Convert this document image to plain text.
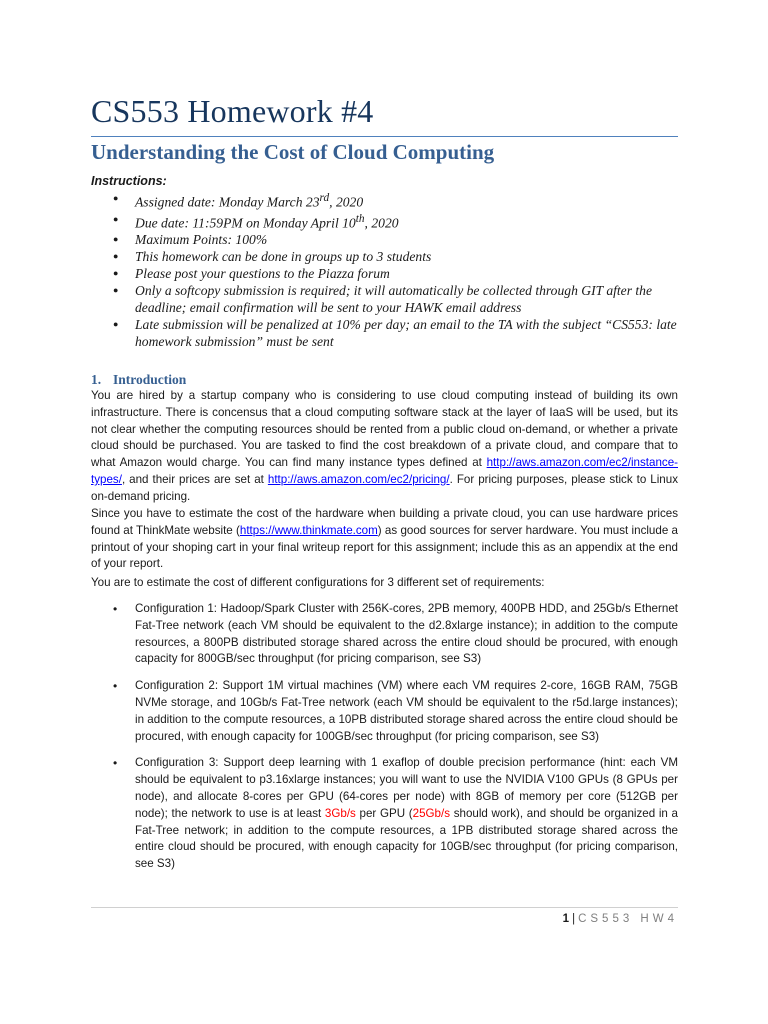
CS553 Homework #4
Understanding the Cost of Cloud Computing
Instructions:
● Assigned date: Monday March 23rd, 2020
● Due date: 11:59PM on Monday April 10th, 2020
● Maximum Points: 100%
● This homework can be done in groups up to 3 students
● Please post your questions to the Piazza forum
● Only a softcopy submission is required; it will automatically be collected through GIT after the deadline; email confirmation will be sent to your HAWK email address
● Late submission will be penalized at 10% per day; an email to the TA with the subject “CS553: late homework submission” must be sent
1. Introduction

You are hired by a startup company who is considering to use cloud computing instead of building its own infrastructure. There is concensus that a cloud computing software stack at the layer of IaaS will be used, but its not clear whether the computing resources should be rented from a public cloud on-demand, or whether a private cloud should be purchased. You are tasked to find the cost breakdown of a private cloud, and compare that to what Amazon would charge. You can find many instance types defined at http://aws.amazon.com/ec2/instance-types/, and their prices are set at http://aws.amazon.com/ec2/pricing/. For pricing purposes, please stick to Linux on-demand pricing.

Since you have to estimate the cost of the hardware when building a private cloud, you can use hardware prices found at ThinkMate website (https://www.thinkmate.com) as good sources for server hardware. You must include a printout of your shoping cart in your final writeup report for this assignment; include this as an appendix at the end of your report.

You are to estimate the cost of different configurations for 3 different set of requirements:

• Configuration 1: Hadoop/Spark Cluster with 256K-cores, 2PB memory, 400PB HDD, and 25Gb/s Ethernet Fat-Tree network (each VM should be equivalent to the d2.8xlarge instance); in addition to the compute resources, a 800PB distributed storage shared across the entire cloud should be procured, with enough capacity for 800GB/sec throughput (for pricing comparison, see S3)
• Configuration 2: Support 1M virtual machines (VM) where each VM requires 2-core, 16GB RAM, 75GB NVMe storage, and 10Gb/s Fat-Tree network (each VM should be equivalent to the r5d.large instances); in addition to the compute resources, a 10PB distributed storage shared across the entire cloud should be procured, with enough capacity for 100GB/sec throughput (for pricing comparison, see S3)
• Configuration 3: Support deep learning with 1 exaflop of double precision performance (hint: each VM should be equivalent to p3.16xlarge instances; you will want to use the NVIDIA V100 GPUs (8 GPUs per node), and allocate 8-cores per GPU (64-cores per node) with 8GB of memory per core (512GB per node); the network to use is at least 3Gb/s per GPU (25Gb/s should work), and should be organized in a Fat-Tree network; in addition to the compute resources, a 1PB distributed storage shared across the entire cloud should be procured, with enough capacity for 10GB/sec throughput (for pricing comparison, see S3)
1 | CS553 HW4
